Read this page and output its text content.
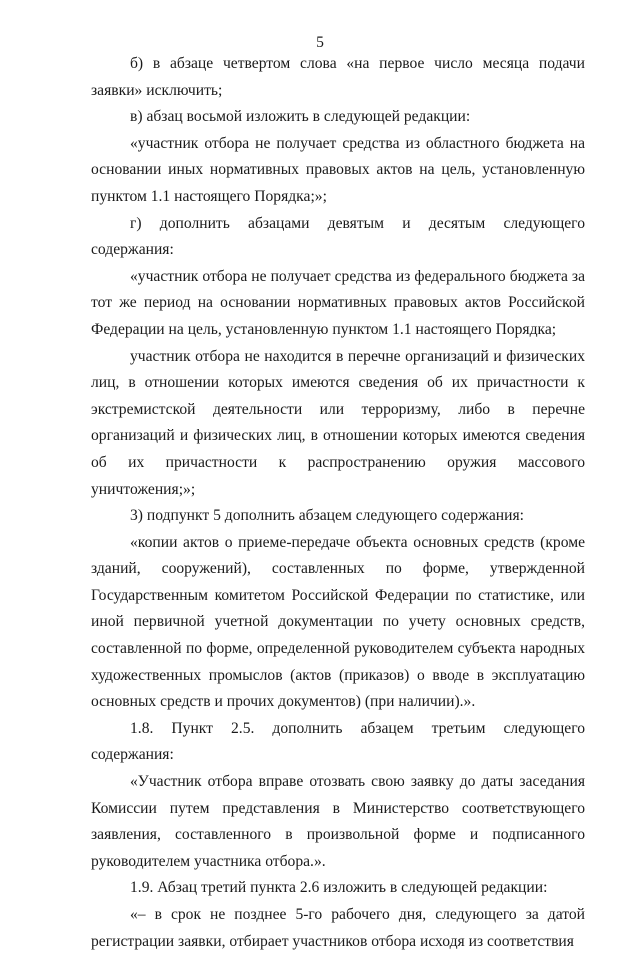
5

б) в абзаце четвертом слова «на первое число месяца подачи заявки» исключить;

в) абзац восьмой изложить в следующей редакции:

«участник отбора не получает средства из областного бюджета на основании иных нормативных правовых актов на цель, установленную пунктом 1.1 настоящего Порядка;»;

г) дополнить абзацами девятым и десятым следующего содержания:

«участник отбора не получает средства из федерального бюджета за тот же период на основании нормативных правовых актов Российской Федерации на цель, установленную пунктом 1.1 настоящего Порядка;

участник отбора не находится в перечне организаций и физических лиц, в отношении которых имеются сведения об их причастности к экстремистской деятельности или терроризму, либо в перечне организаций и физических лиц, в отношении которых имеются сведения об их причастности к распространению оружия массового уничтожения;»;

3) подпункт 5 дополнить абзацем следующего содержания:

«копии актов о приеме-передаче объекта основных средств (кроме зданий, сооружений), составленных по форме, утвержденной Государственным комитетом Российской Федерации по статистике, или иной первичной учетной документации по учету основных средств, составленной по форме, определенной руководителем субъекта народных художественных промыслов (актов (приказов) о вводе в эксплуатацию основных средств и прочих документов) (при наличии).».

1.8. Пункт 2.5. дополнить абзацем третьим следующего содержания:

«Участник отбора вправе отозвать свою заявку до даты заседания Комиссии путем представления в Министерство соответствующего заявления, составленного в произвольной форме и подписанного руководителем участника отбора.».

1.9. Абзац третий пункта 2.6 изложить в следующей редакции:

«– в срок не позднее 5-го рабочего дня, следующего за датой регистрации заявки, отбирает участников отбора исходя из соответствия
